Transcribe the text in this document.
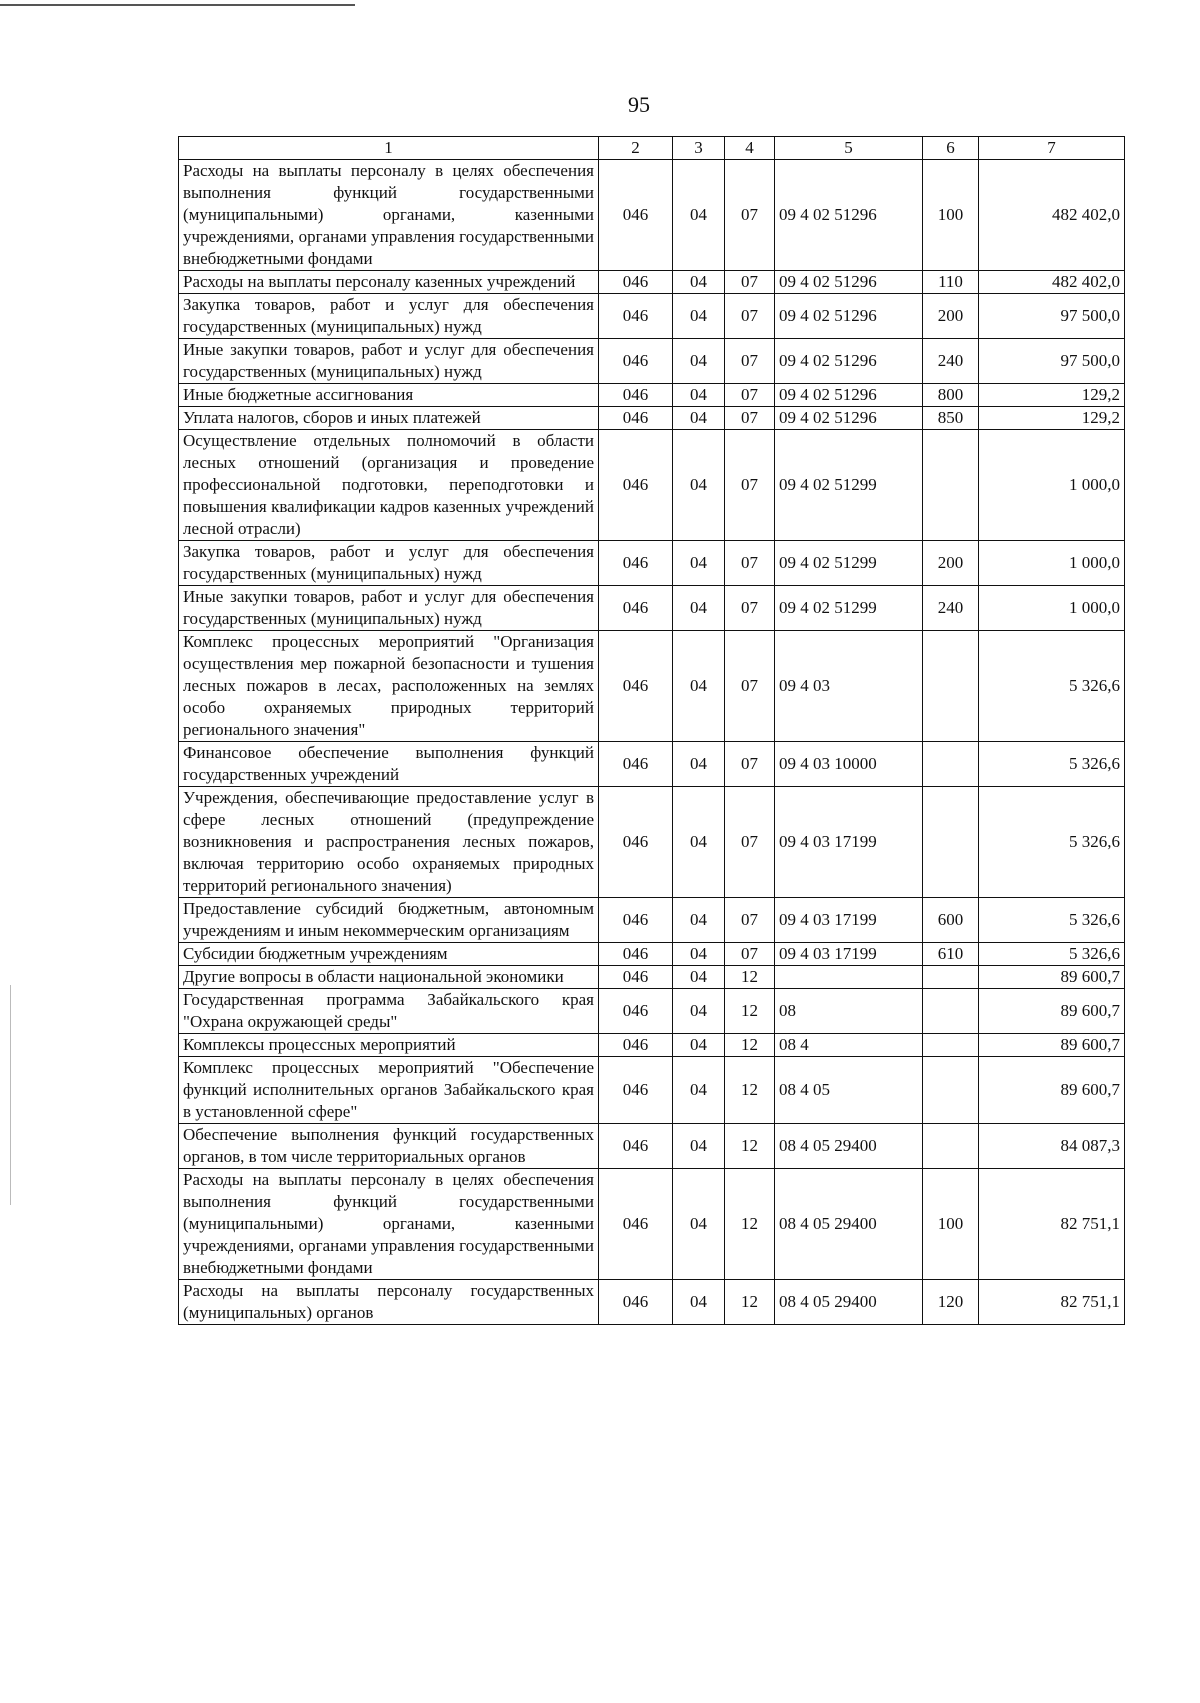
95
1	2	3	4	5	6	7
Расходы на выплаты персоналу в целях обеспечения выполнения функций государственными (муниципальными) органами, казенными учреждениями, органами управления государственными внебюджетными фондами	046	04	07	09 4 02 51296	100	482 402,0
Расходы на выплаты персоналу казенных учреждений	046	04	07	09 4 02 51296	110	482 402,0
Закупка товаров, работ и услуг для обеспечения государственных (муниципальных) нужд	046	04	07	09 4 02 51296	200	97 500,0
Иные закупки товаров, работ и услуг для обеспечения государственных (муниципальных) нужд	046	04	07	09 4 02 51296	240	97 500,0
Иные бюджетные ассигнования	046	04	07	09 4 02 51296	800	129,2
Уплата налогов, сборов и иных платежей	046	04	07	09 4 02 51296	850	129,2
Осуществление отдельных полномочий в области лесных отношений (организация и проведение профессиональной подготовки, переподготовки и повышения квалификации кадров казенных учреждений лесной отрасли)	046	04	07	09 4 02 51299		1 000,0
Закупка товаров, работ и услуг для обеспечения государственных (муниципальных) нужд	046	04	07	09 4 02 51299	200	1 000,0
Иные закупки товаров, работ и услуг для обеспечения государственных (муниципальных) нужд	046	04	07	09 4 02 51299	240	1 000,0
Комплекс процессных мероприятий "Организация осуществления мер пожарной безопасности и тушения лесных пожаров в лесах, расположенных на землях особо охраняемых природных территорий регионального значения"	046	04	07	09 4 03		5 326,6
Финансовое обеспечение выполнения функций государственных учреждений	046	04	07	09 4 03 10000		5 326,6
Учреждения, обеспечивающие предоставление услуг в сфере лесных отношений (предупреждение возникновения и распространения лесных пожаров, включая территорию особо охраняемых природных территорий регионального значения)	046	04	07	09 4 03 17199		5 326,6
Предоставление субсидий бюджетным, автономным учреждениям и иным некоммерческим организациям	046	04	07	09 4 03 17199	600	5 326,6
Субсидии бюджетным учреждениям	046	04	07	09 4 03 17199	610	5 326,6
Другие вопросы в области национальной экономики	046	04	12			89 600,7
Государственная программа Забайкальского края "Охрана окружающей среды"	046	04	12	08		89 600,7
Комплексы процессных мероприятий	046	04	12	08 4		89 600,7
Комплекс процессных мероприятий "Обеспечение функций исполнительных органов Забайкальского края в установленной сфере"	046	04	12	08 4 05		89 600,7
Обеспечение выполнения функций государственных органов, в том числе территориальных органов	046	04	12	08 4 05 29400		84 087,3
Расходы на выплаты персоналу в целях обеспечения выполнения функций государственными (муниципальными) органами, казенными учреждениями, органами управления государственными внебюджетными фондами	046	04	12	08 4 05 29400	100	82 751,1
Расходы на выплаты персоналу государственных (муниципальных) органов	046	04	12	08 4 05 29400	120	82 751,1
